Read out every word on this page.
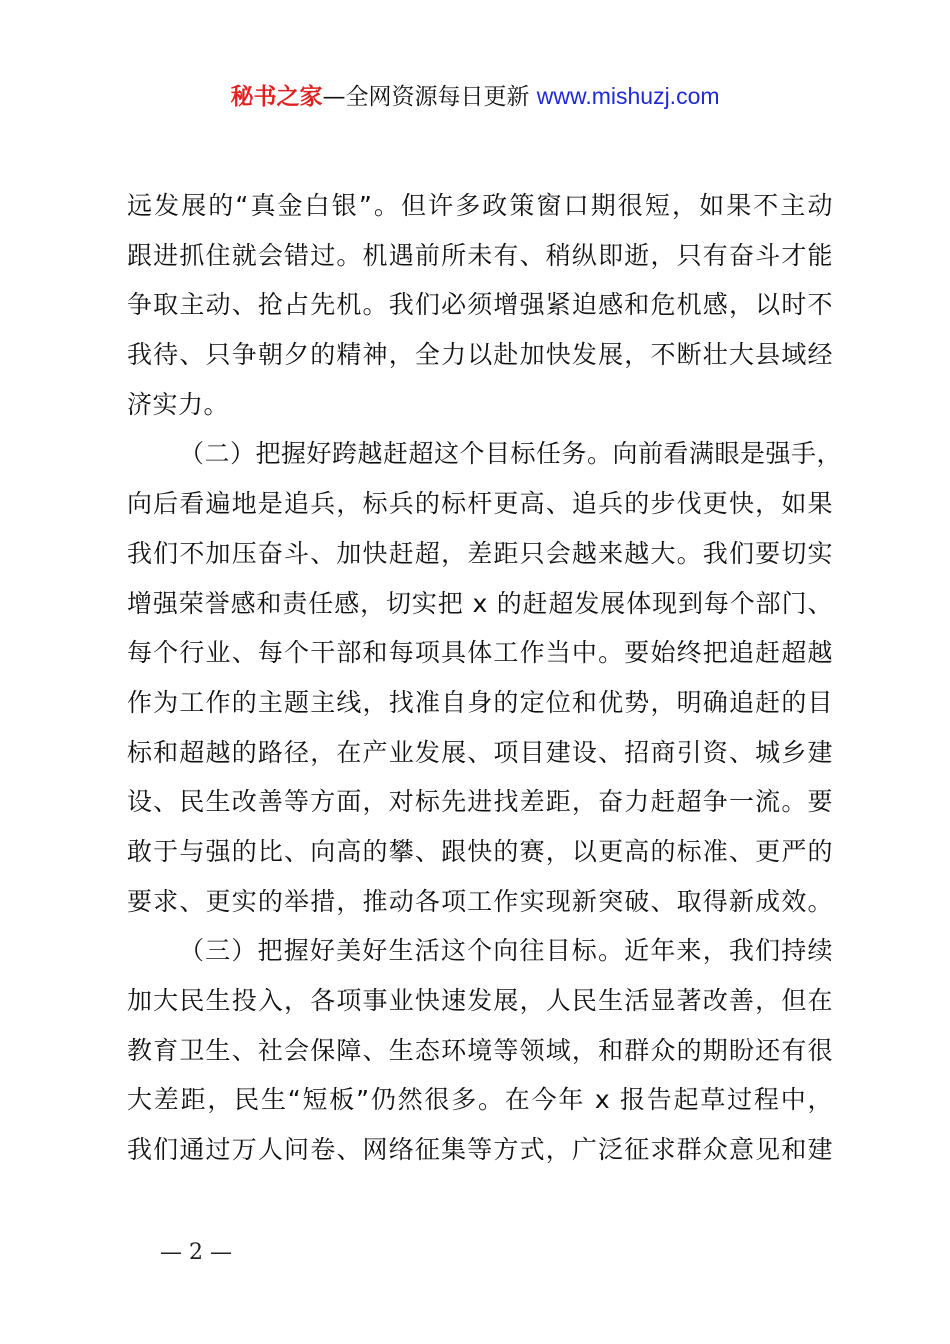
秘书之家—全网资源每日更新 www.mishuzj.com
远发展的“真金白银”。但许多政策窗口期很短，如果不主动
跟进抓住就会错过。机遇前所未有、稍纵即逝，只有奋斗才能
争取主动、抢占先机。我们必须增强紧迫感和危机感，以时不
我待、只争朝夕的精神，全力以赴加快发展，不断壮大县域经
济实力。
（二）把握好跨越赶超这个目标任务。向前看满眼是强手，
向后看遍地是追兵，标兵的标杆更高、追兵的步伐更快，如果
我们不加压奋斗、加快赶超，差距只会越来越大。我们要切实
增强荣誉感和责任感，切实把 x 的赶超发展体现到每个部门、
每个行业、每个干部和每项具体工作当中。要始终把追赶超越
作为工作的主题主线，找准自身的定位和优势，明确追赶的目
标和超越的路径，在产业发展、项目建设、招商引资、城乡建
设、民生改善等方面，对标先进找差距，奋力赶超争一流。要
敢于与强的比、向高的攀、跟快的赛，以更高的标准、更严的
要求、更实的举措，推动各项工作实现新突破、取得新成效。
（三）把握好美好生活这个向往目标。近年来，我们持续
加大民生投入，各项事业快速发展，人民生活显著改善，但在
教育卫生、社会保障、生态环境等领域，和群众的期盼还有很
大差距，民生“短板”仍然很多。在今年 x 报告起草过程中，
我们通过万人问卷、网络征集等方式，广泛征求群众意见和建
— 2 —
